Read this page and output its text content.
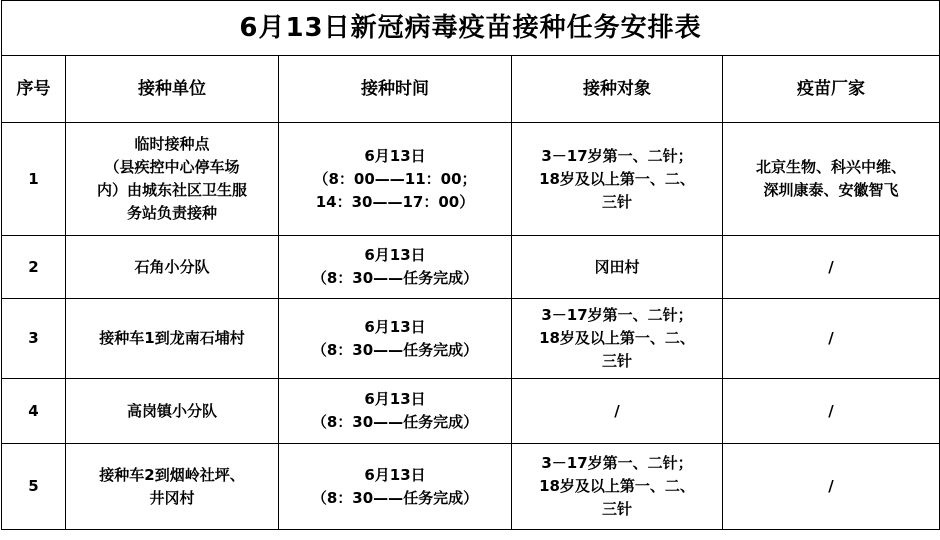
6月13日新冠病毒疫苗接种任务安排表				
序号	接种单位	接种时间	接种对象	疫苗厂家
1	临时接种点
（县疾控中心停车场
内）由城东社区卫生服
务站负责接种	6月13日
（8：00——11：00；
14：30——17：00）	3－17岁第一、二针；
18岁及以上第一、二、
三针	北京生物、科兴中维、
深圳康泰、安徽智飞

2	石角小分队	6月13日
（8：30——任务完成）	冈田村	/

3	接种车1到龙南石埔村	6月13日
（8：30——任务完成）	3－17岁第一、二针；
18岁及以上第一、二、
三针	/

4	高岗镇小分队	6月13日
（8：30——任务完成）	/	/

5	接种车2到烟岭社坪、
井冈村	6月13日
（8：30——任务完成）	3－17岁第一、二针；
18岁及以上第一、二、
三针	/
